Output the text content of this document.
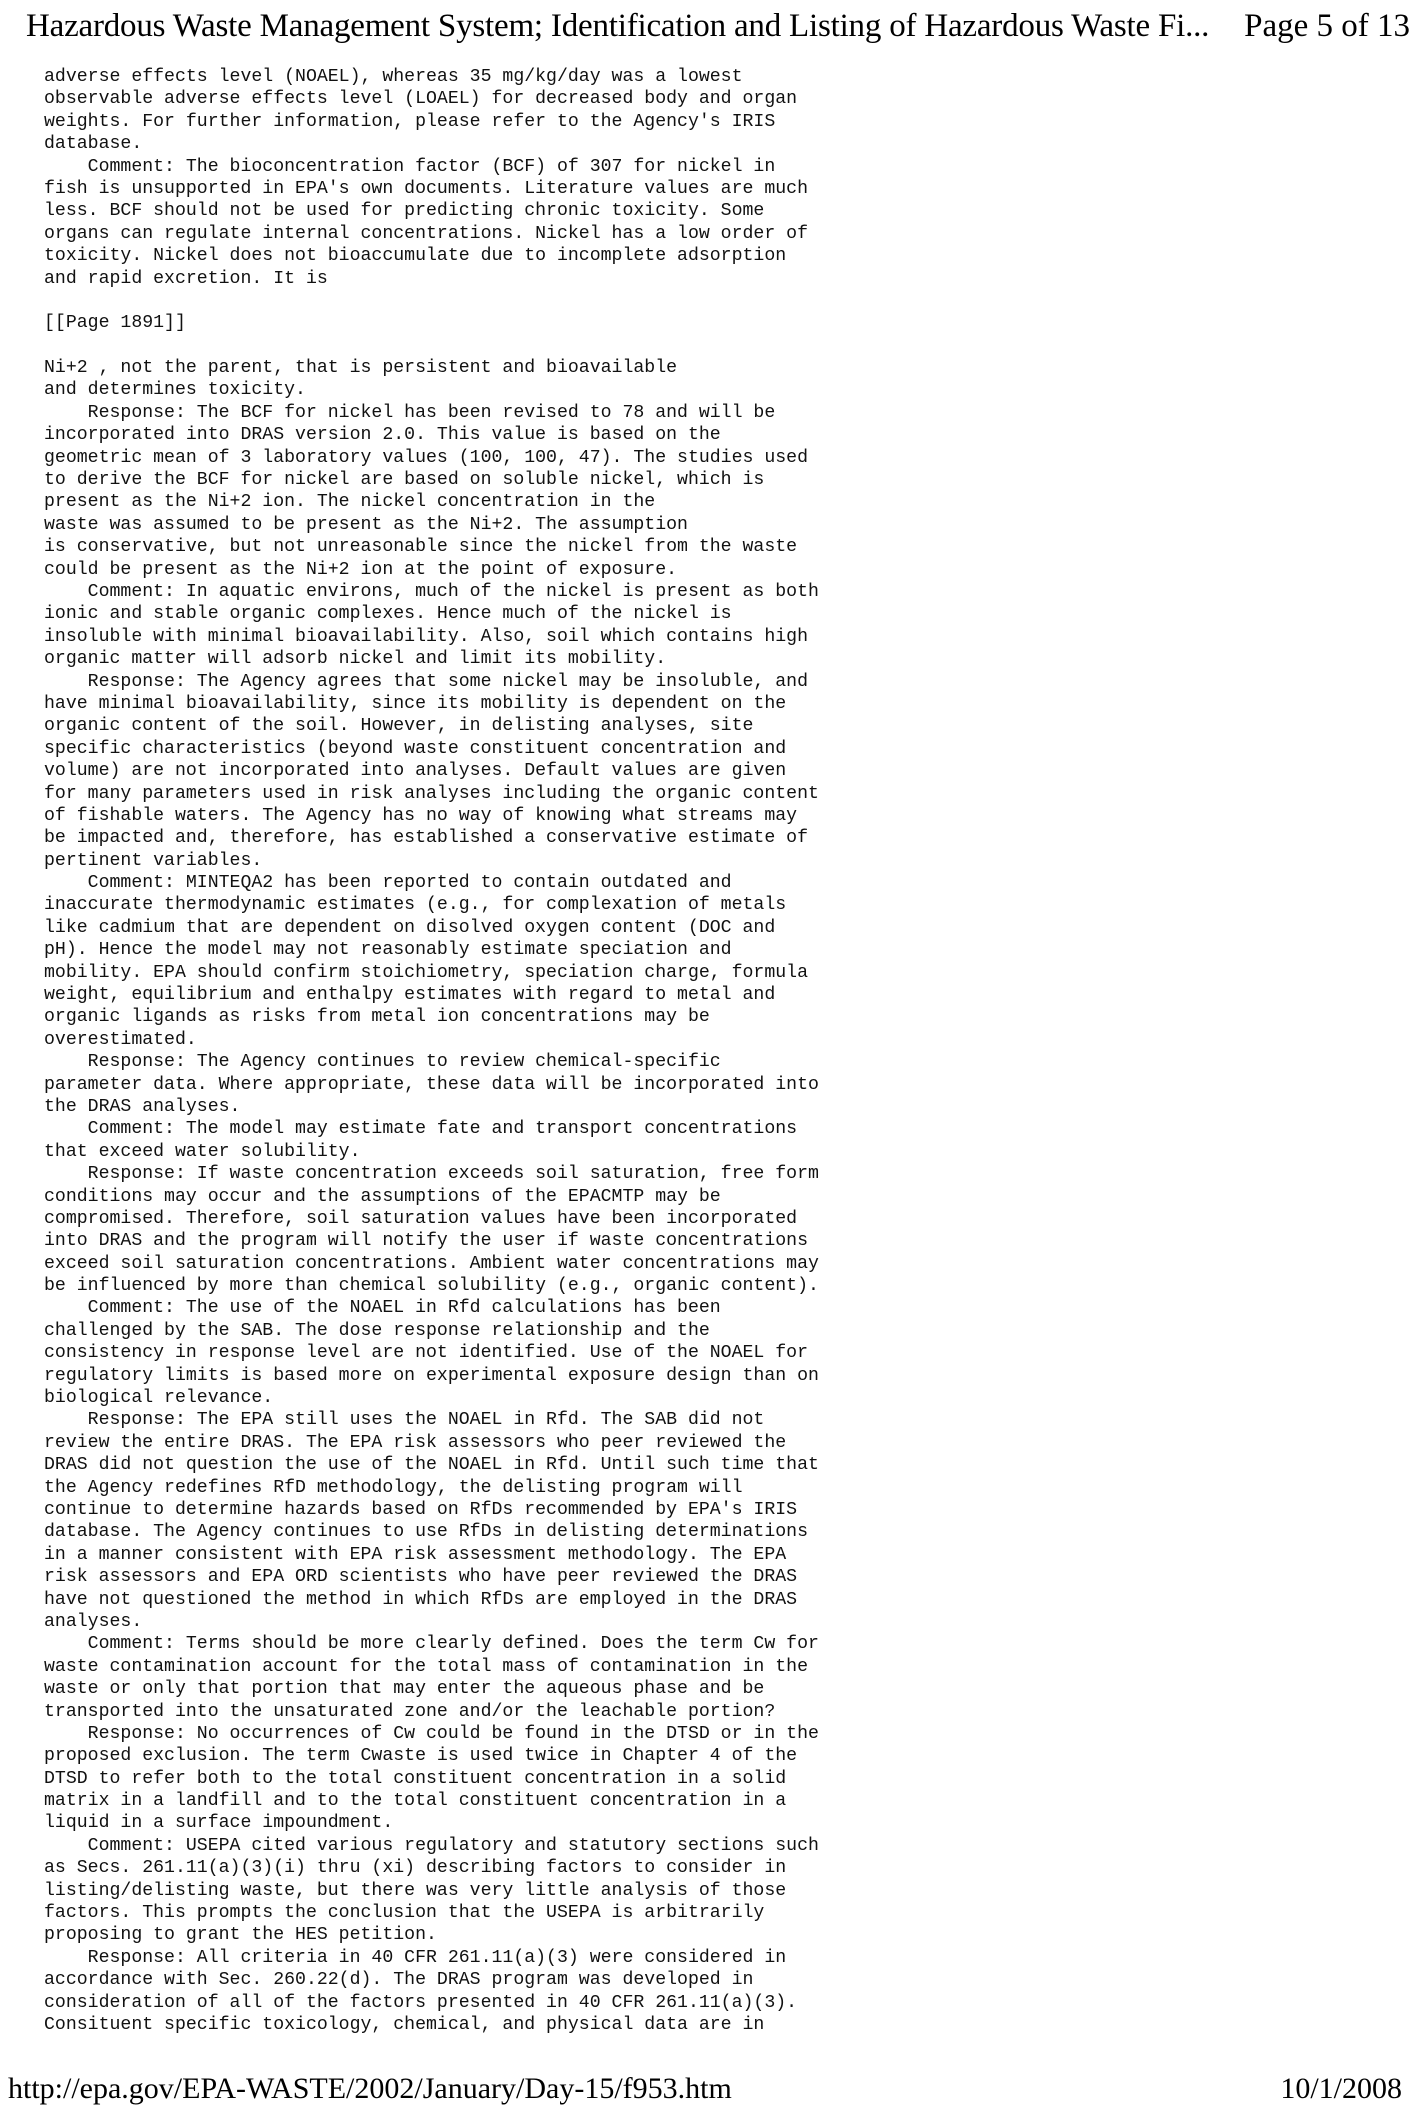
Hazardous Waste Management System; Identification and Listing of Hazardous Waste Fi... Page 5 of 13
adverse effects level (NOAEL), whereas 35 mg/kg/day was a lowest
observable adverse effects level (LOAEL) for decreased body and organ
weights. For further information, please refer to the Agency's IRIS
database.
Comment: The bioconcentration factor (BCF) of 307 for nickel in
fish is unsupported in EPA's own documents. Literature values are much
less. BCF should not be used for predicting chronic toxicity. Some
organs can regulate internal concentrations. Nickel has a low order of
toxicity. Nickel does not bioaccumulate due to incomplete adsorption
and rapid excretion. It is
[[Page 1891]]
Ni+2 , not the parent, that is persistent and bioavailable
and determines toxicity.
Response: The BCF for nickel has been revised to 78 and will be
incorporated into DRAS version 2.0. This value is based on the
geometric mean of 3 laboratory values (100, 100, 47). The studies used
to derive the BCF for nickel are based on soluble nickel, which is
present as the Ni+2 ion. The nickel concentration in the
waste was assumed to be present as the Ni+2. The assumption
is conservative, but not unreasonable since the nickel from the waste
could be present as the Ni+2 ion at the point of exposure.
Comment: In aquatic environs, much of the nickel is present as both
ionic and stable organic complexes. Hence much of the nickel is
insoluble with minimal bioavailability. Also, soil which contains high
organic matter will adsorb nickel and limit its mobility.
Response: The Agency agrees that some nickel may be insoluble, and
have minimal bioavailability, since its mobility is dependent on the
organic content of the soil. However, in delisting analyses, site
specific characteristics (beyond waste constituent concentration and
volume) are not incorporated into analyses. Default values are given
for many parameters used in risk analyses including the organic content
of fishable waters. The Agency has no way of knowing what streams may
be impacted and, therefore, has established a conservative estimate of
pertinent variables.
Comment: MINTEQA2 has been reported to contain outdated and
inaccurate thermodynamic estimates (e.g., for complexation of metals
like cadmium that are dependent on disolved oxygen content (DOC and
pH). Hence the model may not reasonably estimate speciation and
mobility. EPA should confirm stoichiometry, speciation charge, formula
weight, equilibrium and enthalpy estimates with regard to metal and
organic ligands as risks from metal ion concentrations may be
overestimated.
Response: The Agency continues to review chemical-specific
parameter data. Where appropriate, these data will be incorporated into
the DRAS analyses.
Comment: The model may estimate fate and transport concentrations
that exceed water solubility.
Response: If waste concentration exceeds soil saturation, free form
conditions may occur and the assumptions of the EPACMTP may be
compromised. Therefore, soil saturation values have been incorporated
into DRAS and the program will notify the user if waste concentrations
exceed soil saturation concentrations. Ambient water concentrations may
be influenced by more than chemical solubility (e.g., organic content).
Comment: The use of the NOAEL in Rfd calculations has been
challenged by the SAB. The dose response relationship and the
consistency in response level are not identified. Use of the NOAEL for
regulatory limits is based more on experimental exposure design than on
biological relevance.
Response: The EPA still uses the NOAEL in Rfd. The SAB did not
review the entire DRAS. The EPA risk assessors who peer reviewed the
DRAS did not question the use of the NOAEL in Rfd. Until such time that
the Agency redefines RfD methodology, the delisting program will
continue to determine hazards based on RfDs recommended by EPA's IRIS
database. The Agency continues to use RfDs in delisting determinations
in a manner consistent with EPA risk assessment methodology. The EPA
risk assessors and EPA ORD scientists who have peer reviewed the DRAS
have not questioned the method in which RfDs are employed in the DRAS
analyses.
Comment: Terms should be more clearly defined. Does the term Cw for
waste contamination account for the total mass of contamination in the
waste or only that portion that may enter the aqueous phase and be
transported into the unsaturated zone and/or the leachable portion?
Response: No occurrences of Cw could be found in the DTSD or in the
proposed exclusion. The term Cwaste is used twice in Chapter 4 of the
DTSD to refer both to the total constituent concentration in a solid
matrix in a landfill and to the total constituent concentration in a
liquid in a surface impoundment.
Comment: USEPA cited various regulatory and statutory sections such
as Secs. 261.11(a)(3)(i) thru (xi) describing factors to consider in
listing/delisting waste, but there was very little analysis of those
factors. This prompts the conclusion that the USEPA is arbitrarily
proposing to grant the HES petition.
Response: All criteria in 40 CFR 261.11(a)(3) were considered in
accordance with Sec. 260.22(d). The DRAS program was developed in
consideration of all of the factors presented in 40 CFR 261.11(a)(3).
Consituent specific toxicology, chemical, and physical data are in
http://epa.gov/EPA-WASTE/2002/January/Day-15/f953.htm	10/1/2008
